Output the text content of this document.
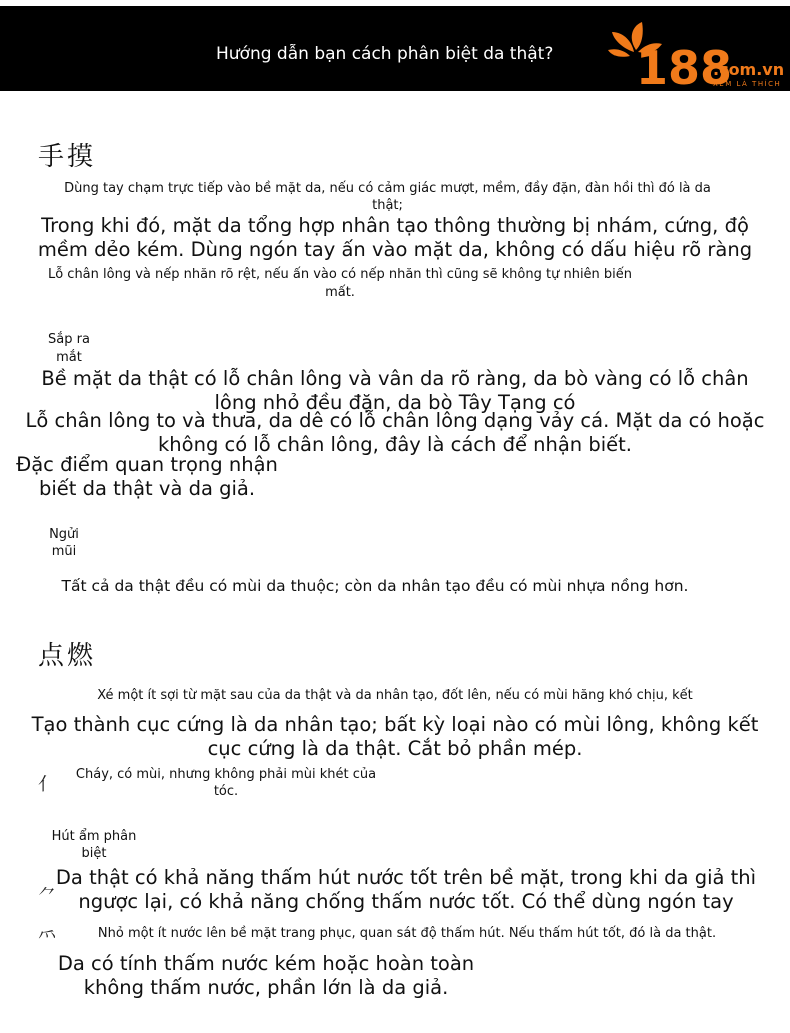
Hướng dẫn bạn cách phân biệt da thật? 188
.com.vn
XEM LÀ THÍCH
手摸
Dùng tay chạm trực tiếp vào bề mặt da, nếu có cảm giác mượt, mềm, đầy đặn, đàn hồi thì đó là da
thật;
Trong khi đó, mặt da tổng hợp nhân tạo thông thường bị nhám, cứng, độ
mềm dẻo kém. Dùng ngón tay ấn vào mặt da, không có dấu hiệu rõ ràng
Lỗ chân lông và nếp nhăn rõ rệt, nếu ấn vào có nếp nhăn thì cũng sẽ không tự nhiên biến
mất.
Sắp ra
mắt
Bề mặt da thật có lỗ chân lông và vân da rõ ràng, da bò vàng có lỗ chân
lông nhỏ đều đặn, da bò Tây Tạng có
Lỗ chân lông to và thưa, da dê có lỗ chân lông dạng vảy cá. Mặt da có hoặc
không có lỗ chân lông, đây là cách để nhận biết.
Đặc điểm quan trọng nhận
biết da thật và da giả.
Ngửi
mũi
Tất cả da thật đều có mùi da thuộc; còn da nhân tạo đều có mùi nhựa nồng hơn.
点燃
Xé một ít sợi từ mặt sau của da thật và da nhân tạo, đốt lên, nếu có mùi hăng khó chịu, kết
Tạo thành cục cứng là da nhân tạo; bất kỳ loại nào có mùi lông, không kết
cục cứng là da thật. Cắt bỏ phần mép.
⺅	Cháy, có mùi, nhưng không phải mùi khét của
tóc.
Hút ẩm phân
biệt
⺈
Da thật có khả năng thấm hút nước tốt trên bề mặt, trong khi da giả thì
ngược lại, có khả năng chống thấm nước tốt. Có thể dùng ngón tay
⺤	Nhỏ một ít nước lên bề mặt trang phục, quan sát độ thấm hút. Nếu thấm hút tốt, đó là da thật.
Da có tính thấm nước kém hoặc hoàn toàn
không thấm nước, phần lớn là da giả.
